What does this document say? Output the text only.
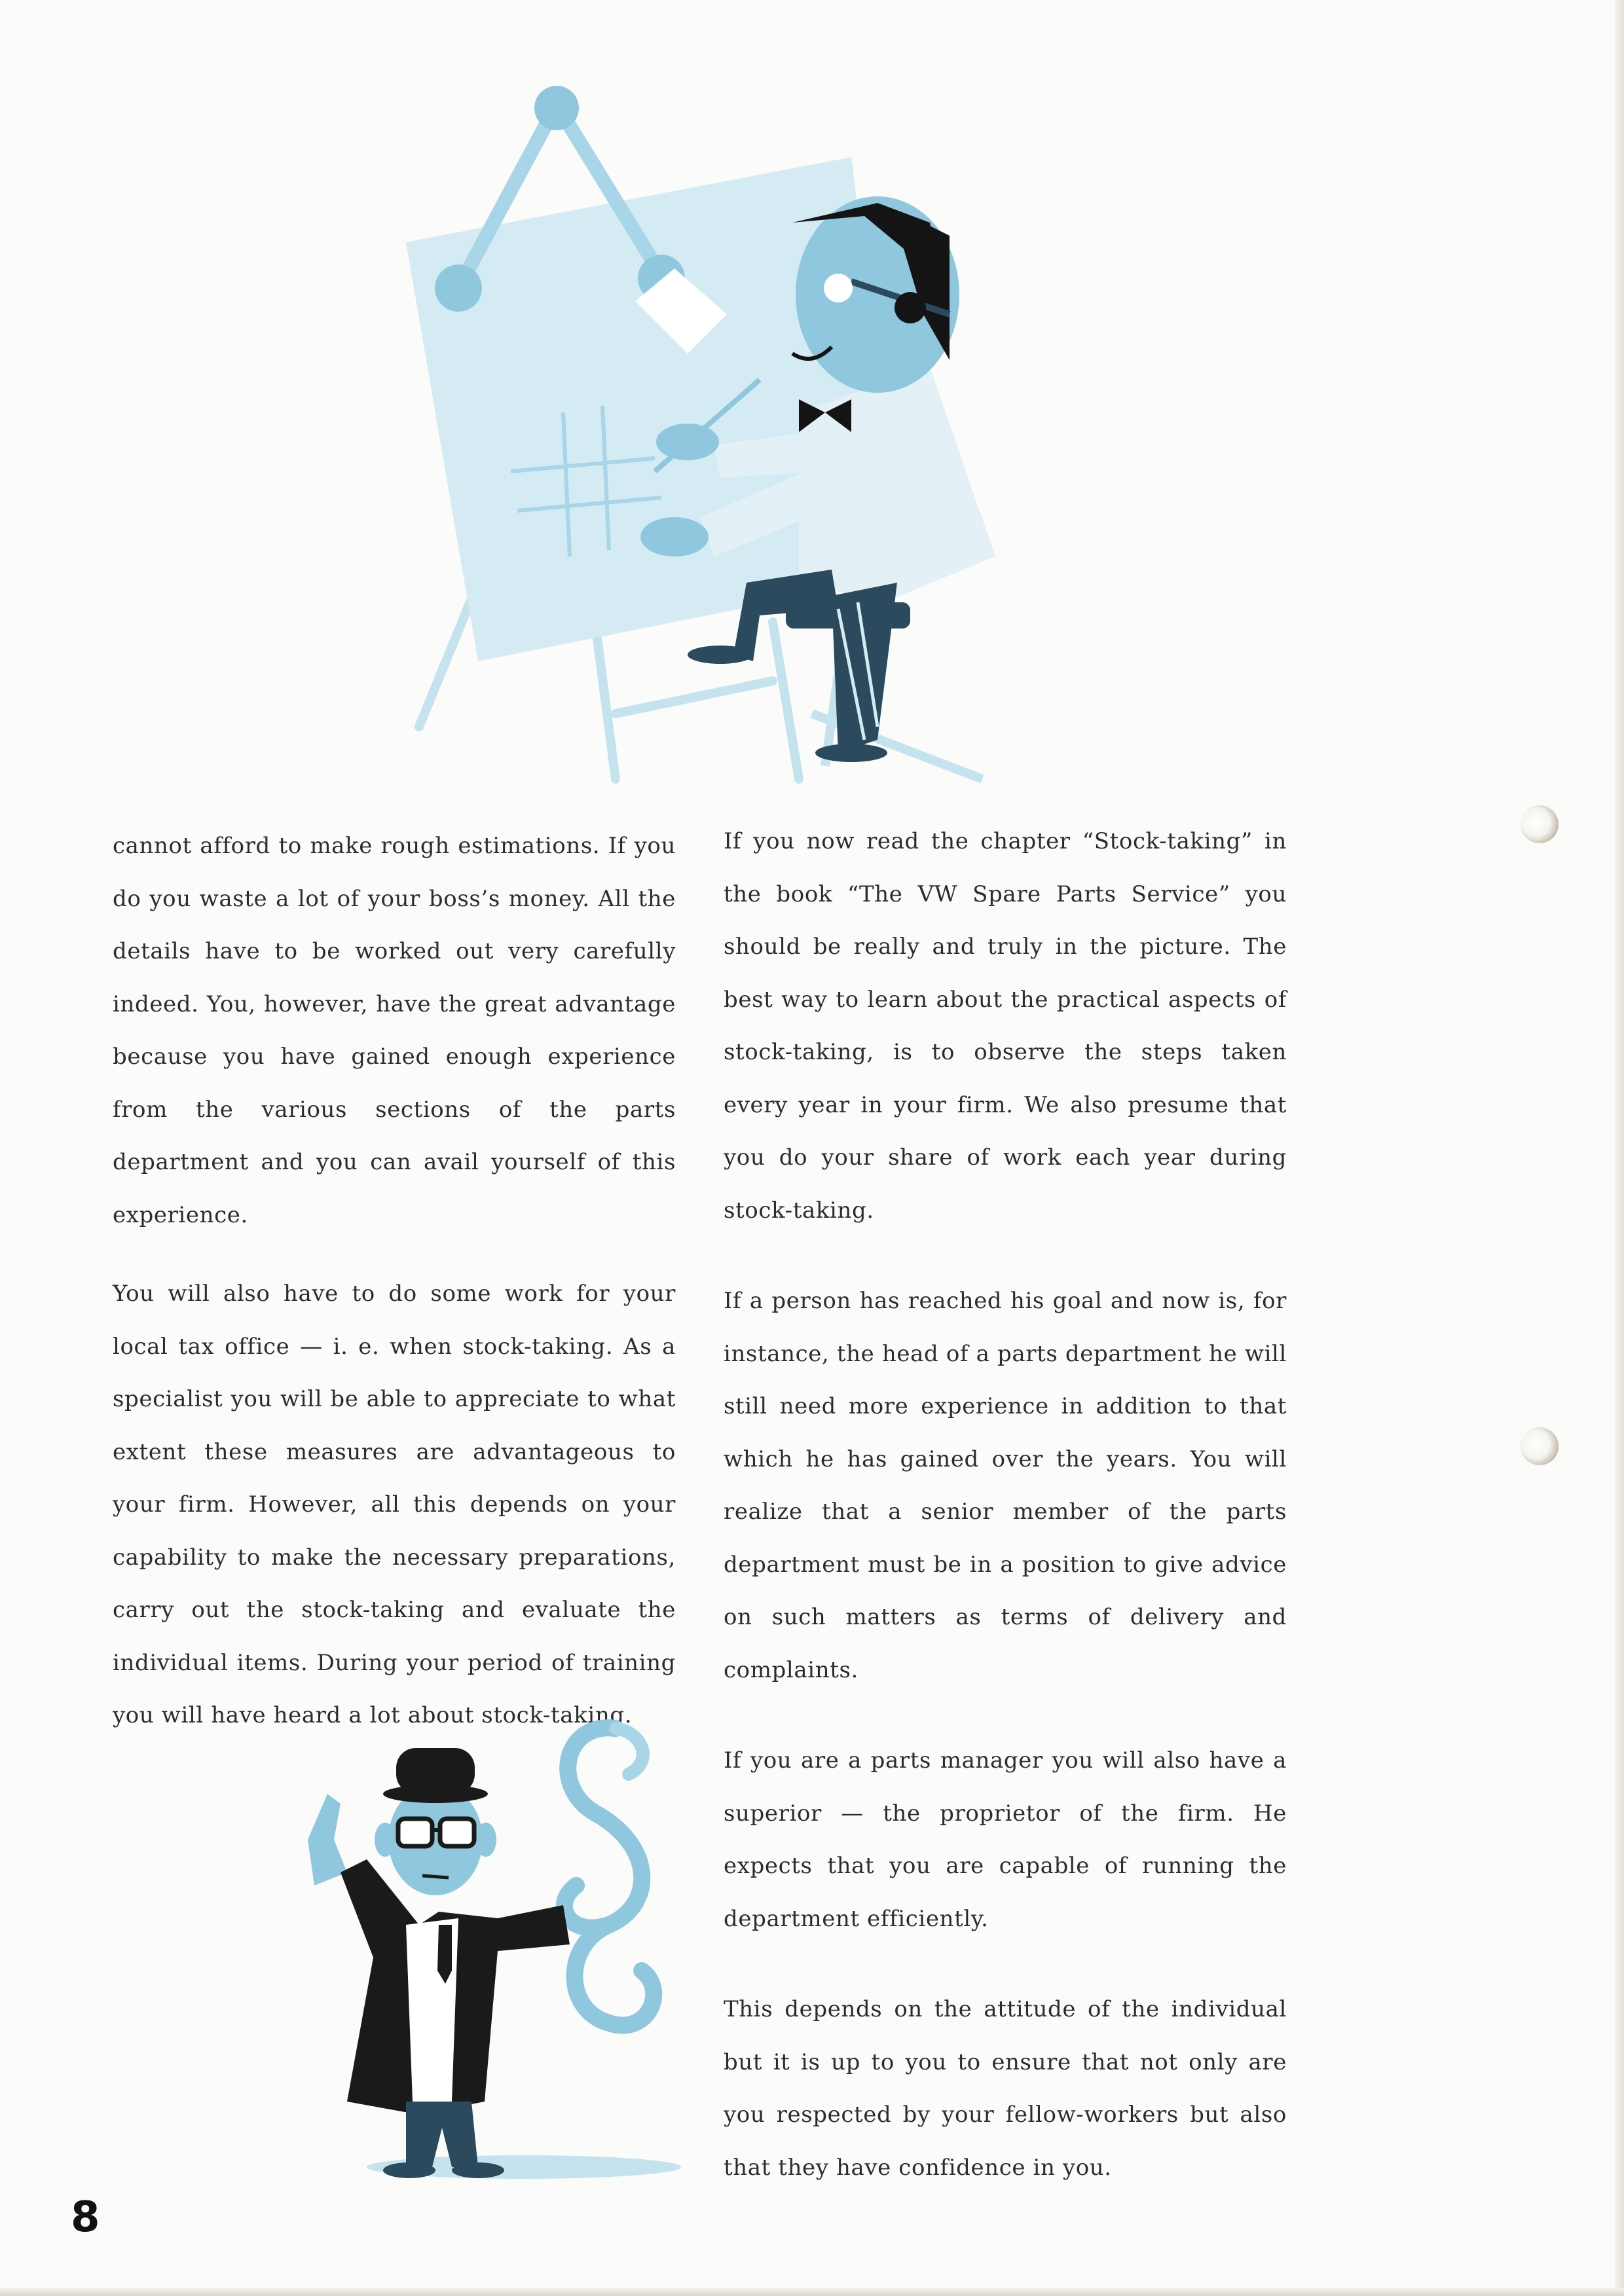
cannot afford to make rough estimations. If you do you waste a lot of your boss’s money. All the details have to be worked out very carefully indeed. You, however, have the great advantage because you have gained enough experience from the various sections of the parts department and you can avail yourself of this experience.

You will also have to do some work for your local tax office — i. e. when stock-taking. As a specialist you will be able to appreciate to what extent these measures are advantageous to your firm. However, all this depends on your capability to make the necessary preparations, carry out the stock-taking and evaluate the individual items. During your period of training you will have heard a lot about stock-taking.

If you now read the chapter “Stock-taking” in the book “The VW Spare Parts Service” you should be really and truly in the picture. The best way to learn about the practical aspects of stock-taking, is to observe the steps taken every year in your firm. We also presume that you do your share of work each year during stock-taking.

If a person has reached his goal and now is, for instance, the head of a parts department he will still need more experience in addition to that which he has gained over the years. You will realize that a senior member of the parts department must be in a position to give advice on such matters as terms of delivery and complaints.

If you are a parts manager you will also have a superior — the proprietor of the firm. He expects that you are capable of running the department efficiently.

This depends on the attitude of the individual but it is up to you to ensure that not only are you respected by your fellow-workers but also that they have confidence in you.

8
